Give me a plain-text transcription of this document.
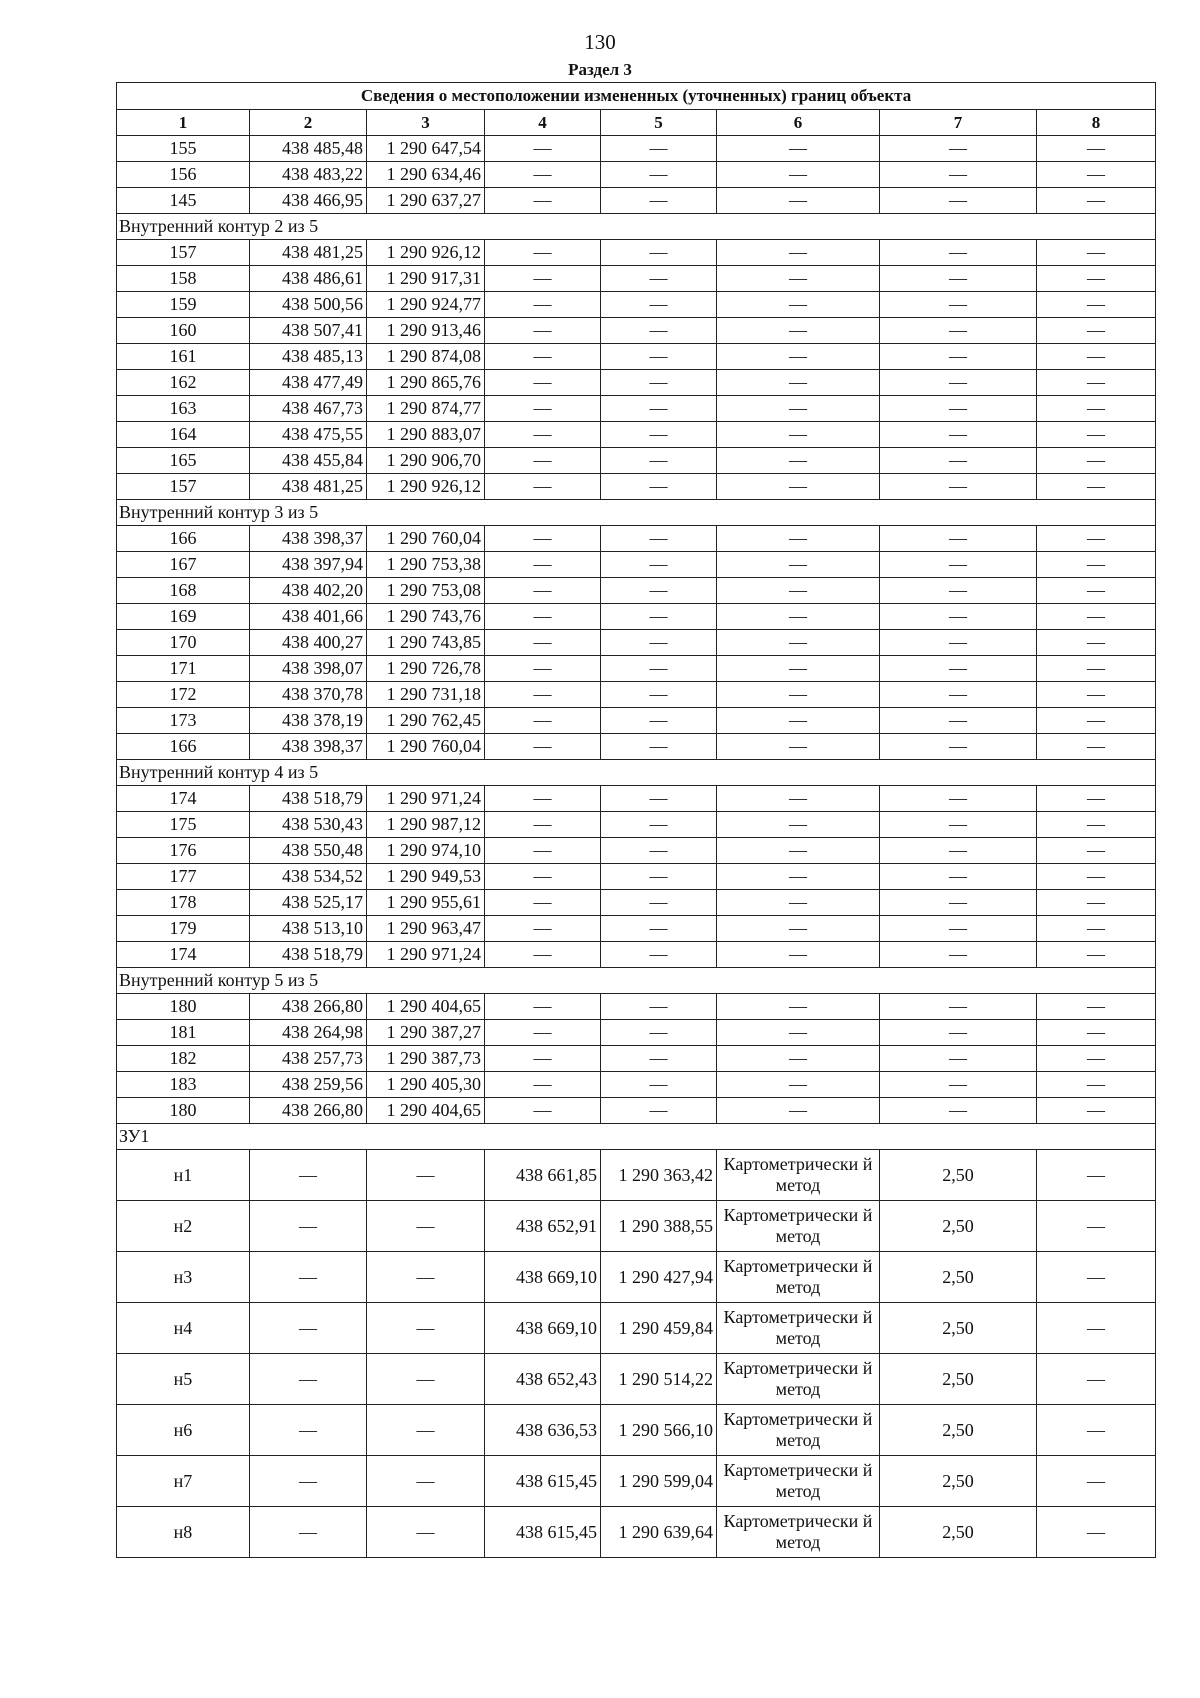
130
Раздел 3
Сведения о местоположении измененных (уточненных) границ объекта							
1	2	3	4	5	6	7	8
155	438 485,48	1 290 647,54	—	—	—	—	—
156	438 483,22	1 290 634,46	—	—	—	—	—
145	438 466,95	1 290 637,27	—	—	—	—	—
Внутренний контур 2 из 5							
157	438 481,25	1 290 926,12	—	—	—	—	—
158	438 486,61	1 290 917,31	—	—	—	—	—
159	438 500,56	1 290 924,77	—	—	—	—	—
160	438 507,41	1 290 913,46	—	—	—	—	—
161	438 485,13	1 290 874,08	—	—	—	—	—
162	438 477,49	1 290 865,76	—	—	—	—	—
163	438 467,73	1 290 874,77	—	—	—	—	—
164	438 475,55	1 290 883,07	—	—	—	—	—
165	438 455,84	1 290 906,70	—	—	—	—	—
157	438 481,25	1 290 926,12	—	—	—	—	—
Внутренний контур 3 из 5							
166	438 398,37	1 290 760,04	—	—	—	—	—
167	438 397,94	1 290 753,38	—	—	—	—	—
168	438 402,20	1 290 753,08	—	—	—	—	—
169	438 401,66	1 290 743,76	—	—	—	—	—
170	438 400,27	1 290 743,85	—	—	—	—	—
171	438 398,07	1 290 726,78	—	—	—	—	—
172	438 370,78	1 290 731,18	—	—	—	—	—
173	438 378,19	1 290 762,45	—	—	—	—	—
166	438 398,37	1 290 760,04	—	—	—	—	—
Внутренний контур 4 из 5							
174	438 518,79	1 290 971,24	—	—	—	—	—
175	438 530,43	1 290 987,12	—	—	—	—	—
176	438 550,48	1 290 974,10	—	—	—	—	—
177	438 534,52	1 290 949,53	—	—	—	—	—
178	438 525,17	1 290 955,61	—	—	—	—	—
179	438 513,10	1 290 963,47	—	—	—	—	—
174	438 518,79	1 290 971,24	—	—	—	—	—
Внутренний контур 5 из 5							
180	438 266,80	1 290 404,65	—	—	—	—	—
181	438 264,98	1 290 387,27	—	—	—	—	—
182	438 257,73	1 290 387,73	—	—	—	—	—
183	438 259,56	1 290 405,30	—	—	—	—	—
180	438 266,80	1 290 404,65	—	—	—	—	—
ЗУ1							
н1	—	—	438 661,85	1 290 363,42	Картометрически й метод	2,50	—
н2	—	—	438 652,91	1 290 388,55	Картометрически й метод	2,50	—
н3	—	—	438 669,10	1 290 427,94	Картометрически й метод	2,50	—
н4	—	—	438 669,10	1 290 459,84	Картометрически й метод	2,50	—
н5	—	—	438 652,43	1 290 514,22	Картометрически й метод	2,50	—
н6	—	—	438 636,53	1 290 566,10	Картометрически й метод	2,50	—
н7	—	—	438 615,45	1 290 599,04	Картометрически й метод	2,50	—
н8	—	—	438 615,45	1 290 639,64	Картометрически й метод	2,50	—
